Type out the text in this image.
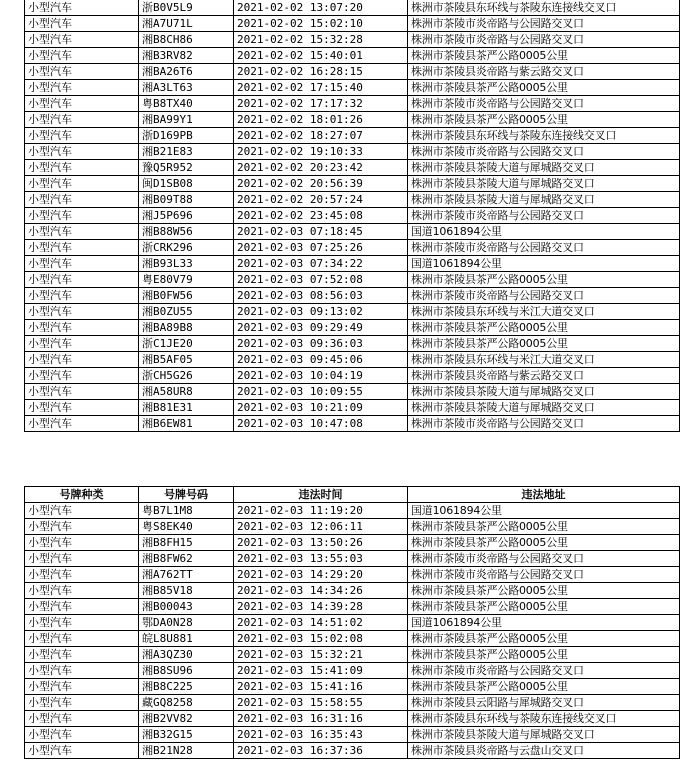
小型汽车	浙B0V5L9	2021-02-02 13:07:20	株洲市茶陵县东环线与茶陵东连接线交叉口
小型汽车	湘A7U71L	2021-02-02 15:02:10	株洲市茶陵市炎帝路与公园路交叉口
小型汽车	湘B8CH86	2021-02-02 15:32:28	株洲市茶陵市炎帝路与公园路交叉口
小型汽车	湘B3RV82	2021-02-02 15:40:01	株洲市茶陵县茶严公路0005公里
小型汽车	湘BA26T6	2021-02-02 16:28:15	株洲市茶陵县炎帝路与紫云路交叉口
小型汽车	湘A3LT63	2021-02-02 17:15:40	株洲市茶陵县茶严公路0005公里
小型汽车	粤B8TX40	2021-02-02 17:17:32	株洲市茶陵市炎帝路与公园路交叉口
小型汽车	湘BA99Y1	2021-02-02 18:01:26	株洲市茶陵县茶严公路0005公里
小型汽车	浙D169PB	2021-02-02 18:27:07	株洲市茶陵县东环线与茶陵东连接线交叉口
小型汽车	湘B21E83	2021-02-02 19:10:33	株洲市茶陵市炎帝路与公园路交叉口
小型汽车	豫Q5R952	2021-02-02 20:23:42	株洲市茶陵县茶陵大道与犀城路交叉口
小型汽车	闽D1SB08	2021-02-02 20:56:39	株洲市茶陵县茶陵大道与犀城路交叉口
小型汽车	湘B09T88	2021-02-02 20:57:24	株洲市茶陵县茶陵大道与犀城路交叉口
小型汽车	湘J5P696	2021-02-02 23:45:08	株洲市茶陵市炎帝路与公园路交叉口
小型汽车	湘B88W56	2021-02-03 07:18:45	国道1061894公里
小型汽车	浙CRK296	2021-02-03 07:25:26	株洲市茶陵市炎帝路与公园路交叉口
小型汽车	湘B93L33	2021-02-03 07:34:22	国道1061894公里
小型汽车	粤E80V79	2021-02-03 07:52:08	株洲市茶陵县茶严公路0005公里
小型汽车	湘B0FW56	2021-02-03 08:56:03	株洲市茶陵市炎帝路与公园路交叉口
小型汽车	湘B0ZU55	2021-02-03 09:13:02	株洲市茶陵县东环线与米江大道交叉口
小型汽车	湘BA89B8	2021-02-03 09:29:49	株洲市茶陵县茶严公路0005公里
小型汽车	浙C1JE20	2021-02-03 09:36:03	株洲市茶陵县茶严公路0005公里
小型汽车	湘B5AF05	2021-02-03 09:45:06	株洲市茶陵县东环线与米江大道交叉口
小型汽车	浙CH5G26	2021-02-03 10:04:19	株洲市茶陵县炎帝路与紫云路交叉口
小型汽车	湘A58UR8	2021-02-03 10:09:55	株洲市茶陵县茶陵大道与犀城路交叉口
小型汽车	湘B81E31	2021-02-03 10:21:09	株洲市茶陵县茶陵大道与犀城路交叉口
小型汽车	湘B6EW81	2021-02-03 10:47:08	株洲市茶陵市炎帝路与公园路交叉口
号牌种类	号牌号码	违法时间	违法地址
小型汽车	粤B7L1M8	2021-02-03 11:19:20	国道1061894公里
小型汽车	粤S8EK40	2021-02-03 12:06:11	株洲市茶陵县茶严公路0005公里
小型汽车	湘B8FH15	2021-02-03 13:50:26	株洲市茶陵县茶严公路0005公里
小型汽车	湘B8FW62	2021-02-03 13:55:03	株洲市茶陵市炎帝路与公园路交叉口
小型汽车	湘A762TT	2021-02-03 14:29:20	株洲市茶陵市炎帝路与公园路交叉口
小型汽车	湘B85V18	2021-02-03 14:34:26	株洲市茶陵县茶严公路0005公里
小型汽车	湘B00043	2021-02-03 14:39:28	株洲市茶陵县茶严公路0005公里
小型汽车	鄂DA0N28	2021-02-03 14:51:02	国道1061894公里
小型汽车	皖L8U881	2021-02-03 15:02:08	株洲市茶陵县茶严公路0005公里
小型汽车	湘A3QZ30	2021-02-03 15:32:21	株洲市茶陵县茶严公路0005公里
小型汽车	湘B8SU96	2021-02-03 15:41:09	株洲市茶陵市炎帝路与公园路交叉口
小型汽车	湘B8C225	2021-02-03 15:41:16	株洲市茶陵县茶严公路0005公里
小型汽车	藏GQ8258	2021-02-03 15:58:55	株洲市茶陵县云阳路与犀城路交叉口
小型汽车	湘B2VV82	2021-02-03 16:31:16	株洲市茶陵县东环线与茶陵东连接线交叉口
小型汽车	湘B32G15	2021-02-03 16:35:43	株洲市茶陵县茶陵大道与犀城路交叉口
小型汽车	湘B21N28	2021-02-03 16:37:36	株洲市茶陵县炎帝路与云盘山交叉口
